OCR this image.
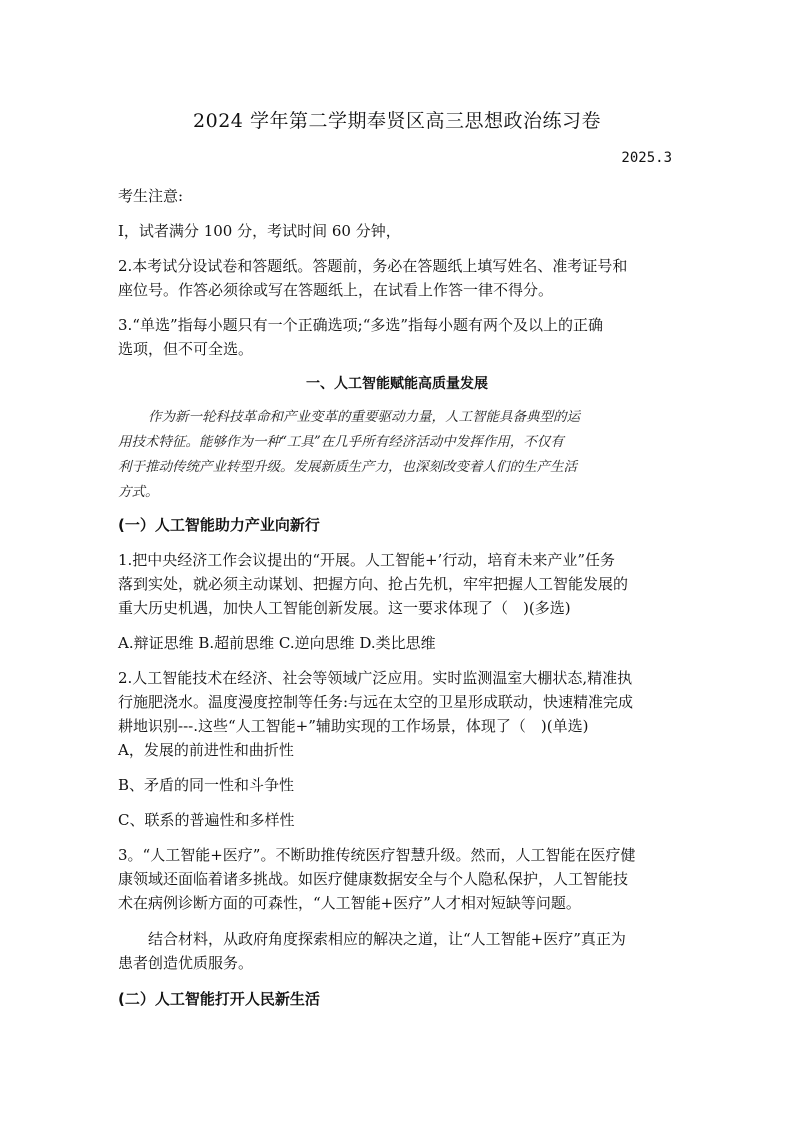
2024 学年第二学期奉贤区高三思想政治练习卷
2025.3
考生注意:
I，试者满分 100 分，考试时间 60 分钟，
2.本考试分设试卷和答题纸。答题前，务必在答题纸上填写姓名、准考证号和
座位号。作答必须徐或写在答题纸上，在试看上作答一律不得分。
3.“单选”指每小题只有一个正确选项;“多选”指每小题有两个及以上的正确
选项，但不可全选。
一、人工智能赋能高质量发展
作为新一轮科技革命和产业变革的重要驱动力量，人工智能具备典型的运
用技术特征。能够作为一种“工具”在几乎所有经济活动中发挥作用，不仅有
利于推动传统产业转型升级。发展新质生产力，也深刻改变着人们的生产生活
方式。
(一）人工智能助力产业向新行
1.把中央经济工作会议提出的“开展。人工智能+’行动，培育未来产业”任务
落到实处，就必须主动谋划、把握方向、抢占先机，牢牢把握人工智能发展的
重大历史机遇，加快人工智能创新发展。这一要求体现了（　)(多选)
A.辩证思维 B.超前思维 C.逆向思维 D.类比思维
2.人工智能技术在经济、社会等领域广泛应用。实时监测温室大棚状态,精准执
行施肥浇水。温度漫度控制等任务:与远在太空的卫星形成联动，快速精准完成
耕地识别---.这些“人工智能+”辅助实现的工作场景，体现了（　)(单选)
A，发展的前进性和曲折性
B、矛盾的同一性和斗争性
C、联系的普遍性和多样性
3。“人工智能+医疗”。不断助推传统医疗智慧升级。然而，人工智能在医疗健
康领域还面临着诸多挑战。如医疗健康数据安全与个人隐私保护，人工智能技
术在病例诊断方面的可森性，“人工智能+医疗”人才相对短缺等问题。
结合材料，从政府角度探索相应的解决之道，让“人工智能+医疗”真正为
患者创造优质服务。
(二）人工智能打开人民新生活
